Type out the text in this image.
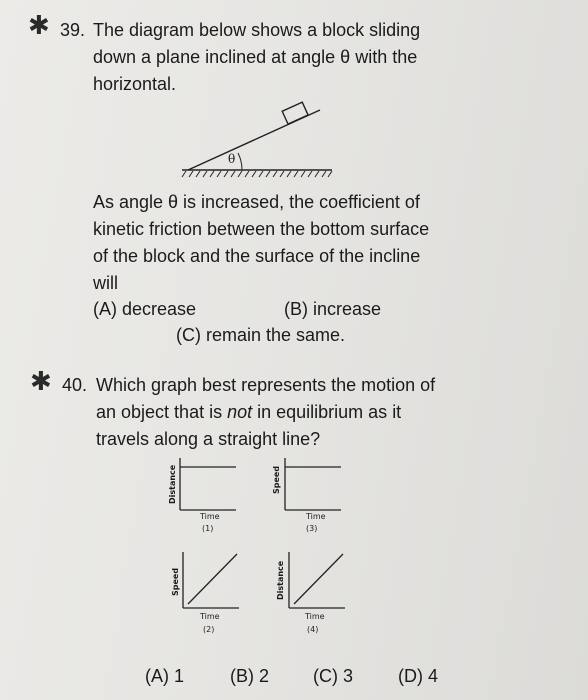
✱ 39. The diagram below shows a block sliding
down a plane inclined at angle θ with the
horizontal.
θ
As angle θ is increased, the coefficient of
kinetic friction between the bottom surface
of the block and the surface of the incline
will
(A) decrease	(B) increase
(C) remain the same.
✱ 40. Which graph best represents the motion of
an object that is not in equilibrium as it
travels along a straight line?
Distance
Time
(1)
Speed
Time
(3)
Speed
Time
(2)
Distance
Time
(4)
(A) 1	(B) 2 (C) 3	(D) 4
